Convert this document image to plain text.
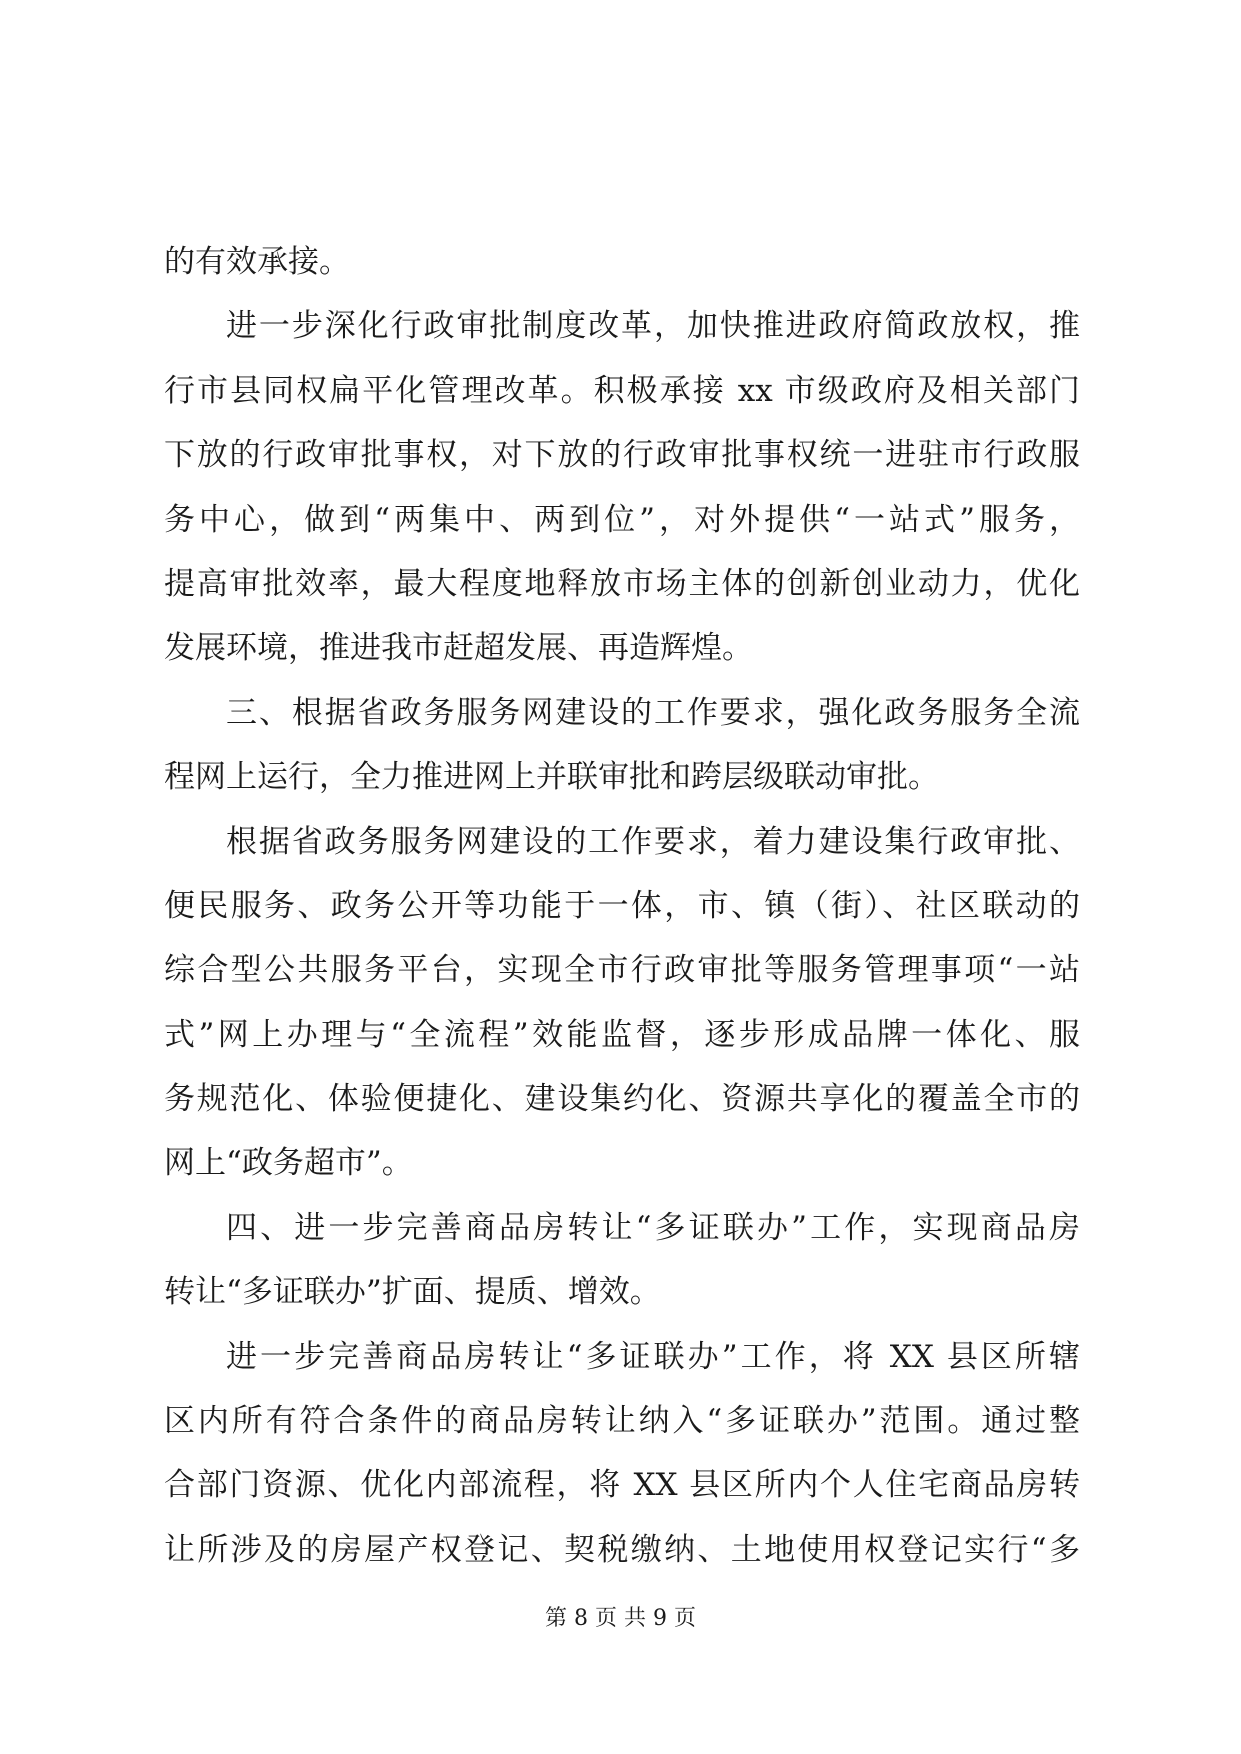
的有效承接。
进一步深化行政审批制度改革，加快推进政府简政放权，推
行市县同权扁平化管理改革。积极承接 xx 市级政府及相关部门
下放的行政审批事权，对下放的行政审批事权统一进驻市行政服
务中心，做到“两集中、两到位”，对外提供“一站式”服务，
提高审批效率，最大程度地释放市场主体的创新创业动力，优化
发展环境，推进我市赶超发展、再造辉煌。
三、根据省政务服务网建设的工作要求，强化政务服务全流
程网上运行，全力推进网上并联审批和跨层级联动审批。
根据省政务服务网建设的工作要求，着力建设集行政审批、
便民服务、政务公开等功能于一体，市、镇（街）、社区联动的
综合型公共服务平台，实现全市行政审批等服务管理事项“一站
式”网上办理与“全流程”效能监督，逐步形成品牌一体化、服
务规范化、体验便捷化、建设集约化、资源共享化的覆盖全市的
网上“政务超市”。
四、进一步完善商品房转让“多证联办”工作，实现商品房
转让“多证联办”扩面、提质、增效。
进一步完善商品房转让“多证联办”工作，将 XX 县区所辖
区内所有符合条件的商品房转让纳入“多证联办”范围。通过整
合部门资源、优化内部流程，将 XX 县区所内个人住宅商品房转
让所涉及的房屋产权登记、契税缴纳、土地使用权登记实行“多
第 8 页 共 9 页
